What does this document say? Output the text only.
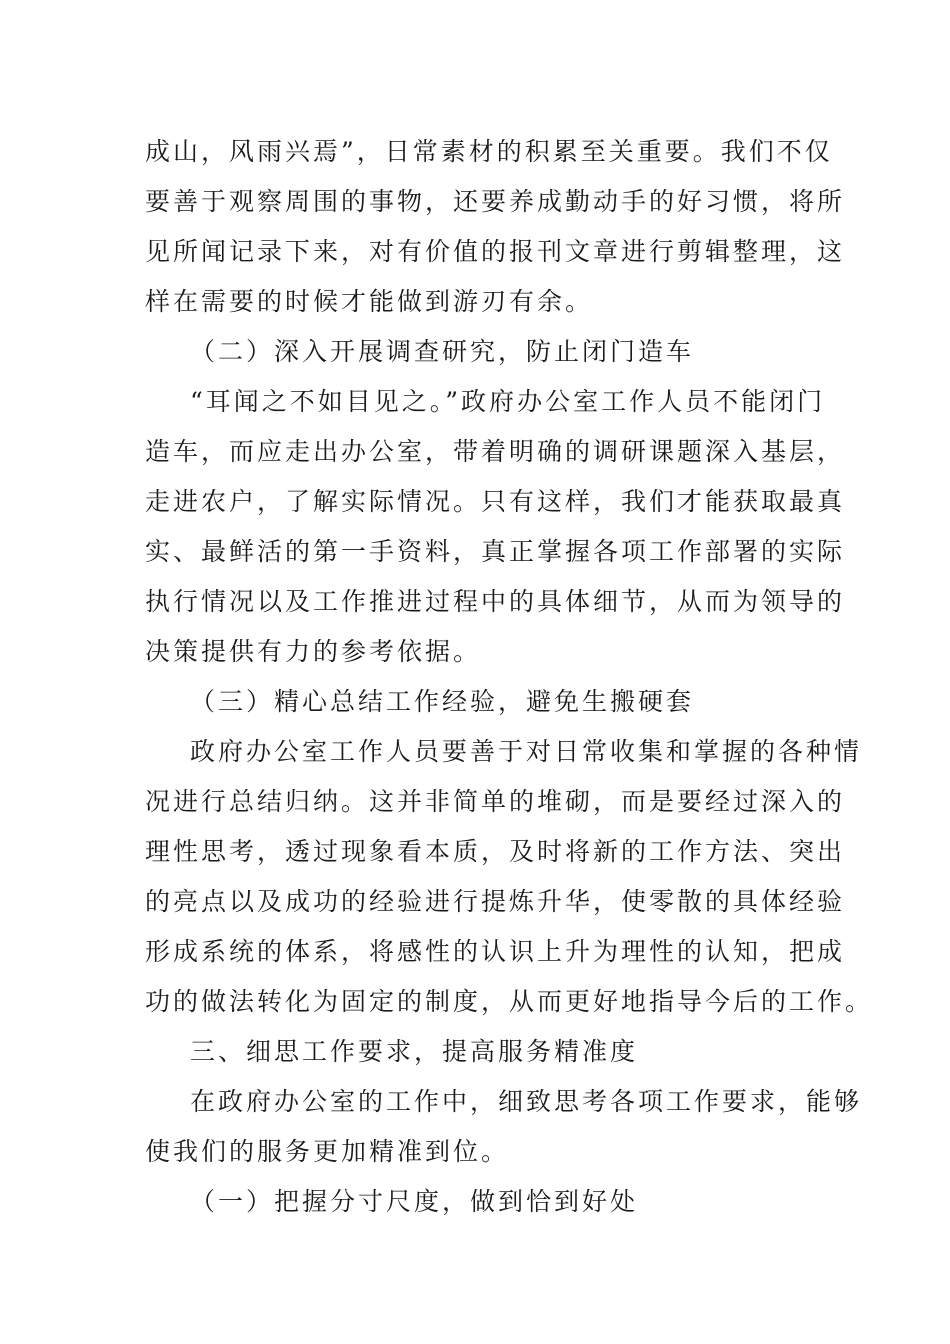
成山，风雨兴焉”，日常素材的积累至关重要。我们不仅
要善于观察周围的事物，还要养成勤动手的好习惯，将所
见所闻记录下来，对有价值的报刊文章进行剪辑整理，这
样在需要的时候才能做到游刃有余。
（二）深入开展调查研究，防止闭门造车
“耳闻之不如目见之。”政府办公室工作人员不能闭门
造车，而应走出办公室，带着明确的调研课题深入基层，
走进农户，了解实际情况。只有这样，我们才能获取最真
实、最鲜活的第一手资料，真正掌握各项工作部署的实际
执行情况以及工作推进过程中的具体细节，从而为领导的
决策提供有力的参考依据。
（三）精心总结工作经验，避免生搬硬套
政府办公室工作人员要善于对日常收集和掌握的各种情
况进行总结归纳。这并非简单的堆砌，而是要经过深入的
理性思考，透过现象看本质，及时将新的工作方法、突出
的亮点以及成功的经验进行提炼升华，使零散的具体经验
形成系统的体系，将感性的认识上升为理性的认知，把成
功的做法转化为固定的制度，从而更好地指导今后的工作。
三、细思工作要求，提高服务精准度
在政府办公室的工作中，细致思考各项工作要求，能够
使我们的服务更加精准到位。
（一）把握分寸尺度，做到恰到好处
